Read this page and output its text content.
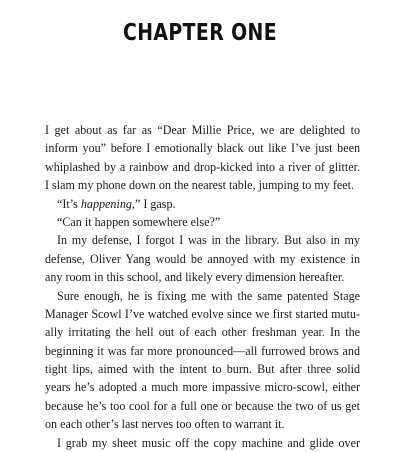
CHAPTER ONE
I get about as far as “Dear Millie Price, we are delighted to
inform you” before I emotionally black out like I’ve just been
whiplashed by a rainbow and drop-kicked into a river of glitter.
I slam my phone down on the nearest table, jumping to my feet.
“It’s happening,” I gasp.
“Can it happen somewhere else?”
In my defense, I forgot I was in the library. But also in my
defense, Oliver Yang would be annoyed with my existence in
any room in this school, and likely every dimension hereafter.
Sure enough, he is fixing me with the same patented Stage
Manager Scowl I’ve watched evolve since we first started mutu-
ally irritating the hell out of each other freshman year. In the
beginning it was far more pronounced—all furrowed brows and
tight lips, aimed with the intent to burn. But after three solid
years he’s adopted a much more impassive micro-scowl, either
because he’s too cool for a full one or because the two of us get
on each other’s last nerves too often to warrant it.
I grab my sheet music off the copy machine and glide over
